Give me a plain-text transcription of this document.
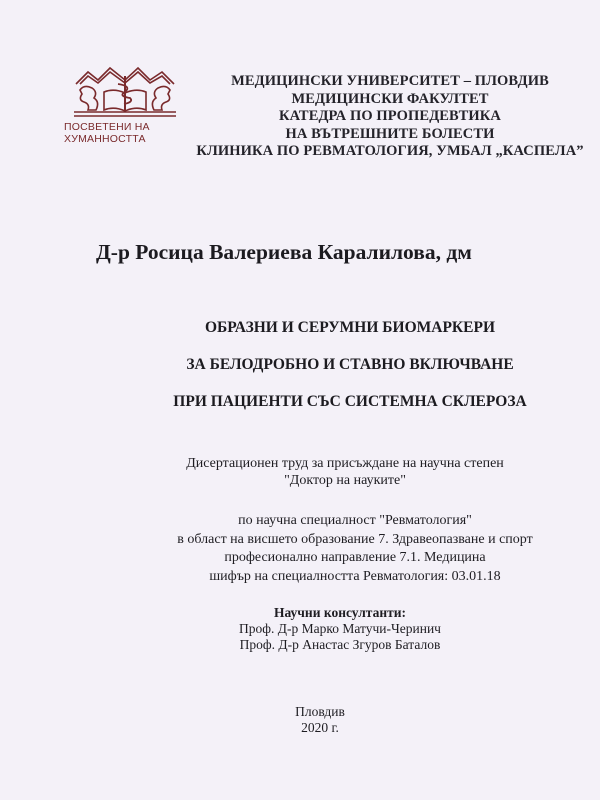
ПОСВЕТЕНИ НА
ХУМАННОСТТА
МЕДИЦИНСКИ УНИВЕРСИТЕТ – ПЛОВДИВ
МЕДИЦИНСКИ ФАКУЛТЕТ
КАТЕДРА ПО ПРОПЕДЕВТИКА
НА ВЪТРЕШНИТЕ БОЛЕСТИ
КЛИНИКА ПО РЕВМАТОЛОГИЯ, УМБАЛ „КАСПЕЛА”
Д-р Росица Валериева Каралилова, дм
ОБРАЗНИ И СЕРУМНИ БИОМАРКЕРИ
ЗА БЕЛОДРОБНО И СТАВНО ВКЛЮЧВАНЕ
ПРИ ПАЦИЕНТИ СЪС СИСТЕМНА СКЛЕРОЗА
Дисертационен труд за присъждане на научна степен
"Доктор на науките"
по научна специалност "Ревматология"
в област на висшето образование 7. Здравеопазване и спорт
професионално направление 7.1. Медицина
шифър на специалността Ревматология: 03.01.18
Научни консултанти:
Проф. Д-р Марко Матучи-Черинич
Проф. Д-р Анастас Згуров Баталов
Пловдив
2020 г.
